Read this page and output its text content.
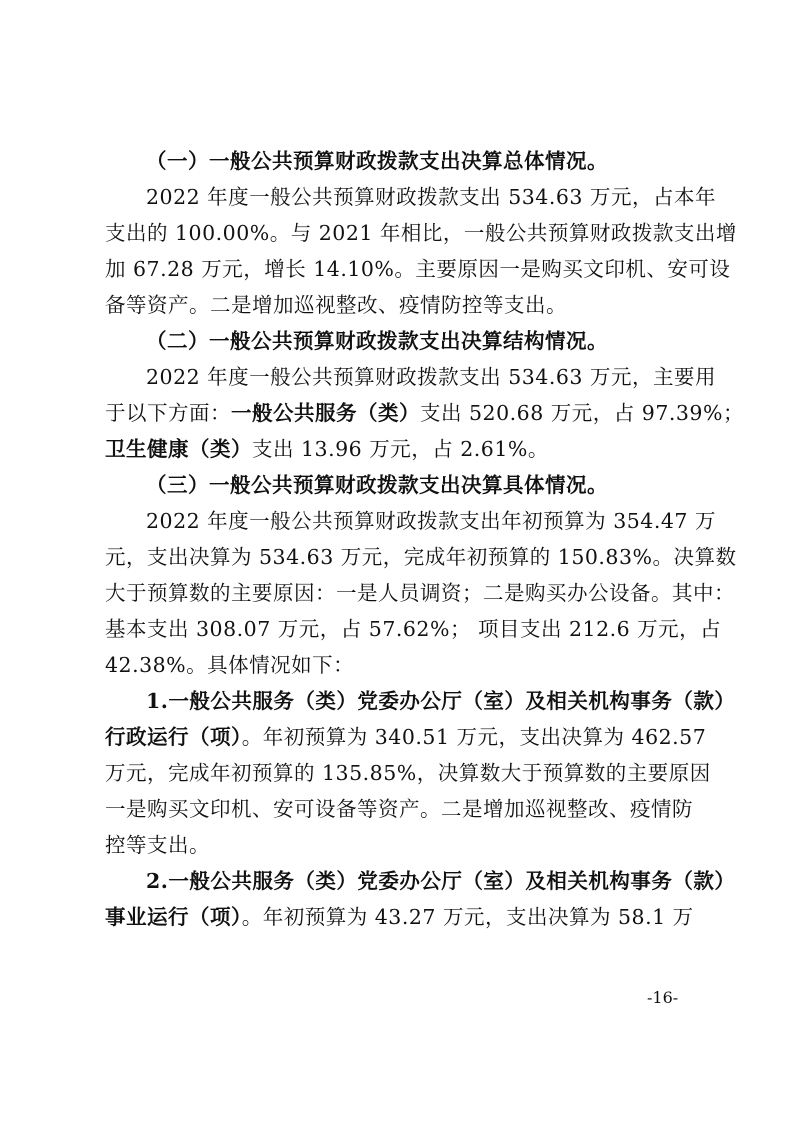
（一）一般公共预算财政拨款支出决算总体情况。
2022 年度一般公共预算财政拨款支出 534.63 万元，占本年
支出的 100.00%。与 2021 年相比，一般公共预算财政拨款支出增
加 67.28 万元，增长 14.10%。主要原因一是购买文印机、安可设
备等资产。二是增加巡视整改、疫情防控等支出。
（二）一般公共预算财政拨款支出决算结构情况。
2022 年度一般公共预算财政拨款支出 534.63 万元，主要用
于以下方面：一般公共服务（类）支出 520.68 万元，占 97.39%；
卫生健康（类）支出 13.96 万元，占 2.61%。
（三）一般公共预算财政拨款支出决算具体情况。
2022 年度一般公共预算财政拨款支出年初预算为 354.47 万
元，支出决算为 534.63 万元，完成年初预算的 150.83%。决算数
大于预算数的主要原因：一是人员调资；二是购买办公设备。其中：
基本支出 308.07 万元，占 57.62%； 项目支出 212.6 万元，占
42.38%。具体情况如下：
1.一般公共服务（类）党委办公厅（室）及相关机构事务（款）
行政运行（项）。年初预算为 340.51 万元，支出决算为 462.57
万元，完成年初预算的 135.85%，决算数大于预算数的主要原因
一是购买文印机、安可设备等资产。二是增加巡视整改、疫情防
控等支出。
2.一般公共服务（类）党委办公厅（室）及相关机构事务（款）
事业运行（项）。年初预算为 43.27 万元，支出决算为 58.1 万
-16-
